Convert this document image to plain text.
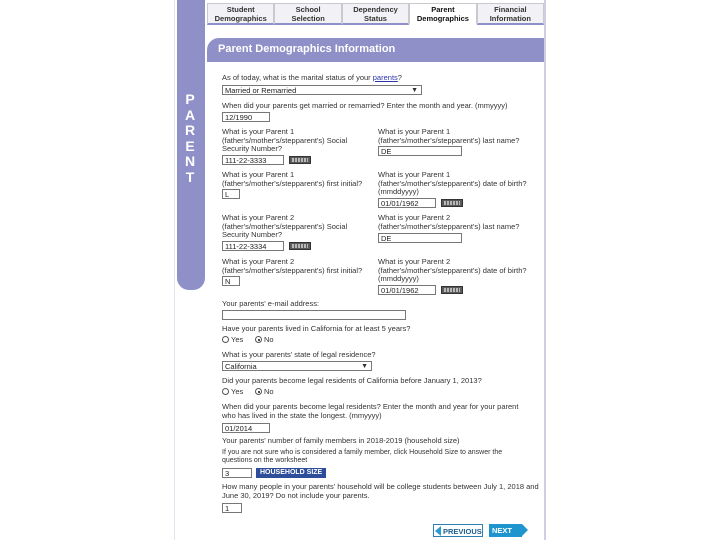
P
A
R
E
N
T
Student
Demographics
School
Selection
Dependency
Status
Parent
Demographics
Financial
Information
Parent Demographics Information
As of today, what is the marital status of your parents?
Married or Remarried	▼
When did your parents get married or remarried? Enter the month and year. (mmyyyy)
12/1990
What is your Parent 1 (father's/mother's/stepparent's) Social Security Number?
111-22-3333
What is your Parent 1 (father's/mother's/stepparent's) last name?
DE
What is your Parent 1 (father's/mother's/stepparent's) first initial?
L
What is your Parent 1 (father's/mother's/stepparent's) date of birth? (mmddyyyy)
01/01/1962
What is your Parent 2 (father's/mother's/stepparent's) Social Security Number?
111-22-3334
What is your Parent 2 (father's/mother's/stepparent's) last name?
DE
What is your Parent 2 (father's/mother's/stepparent's) first initial?
N
What is your Parent 2 (father's/mother's/stepparent's) date of birth? (mmddyyyy)
01/01/1962
Your parents' e-mail address:
Have your parents lived in California for at least 5 years?
Yes	No
What is your parents' state of legal residence?
California	▼
Did your parents become legal residents of California before January 1, 2013?
Yes	No
When did your parents become legal residents? Enter the month and year for your parent who has lived in the state the longest. (mmyyyy)
01/2014
Your parents' number of family members in 2018-2019 (household size)
If you are not sure who is considered a family member, click Household Size to answer the questions on the worksheet
3	HOUSEHOLD SIZE
How many people in your parents' household will be college students between July 1, 2018 and June 30, 2019? Do not include your parents.
1
PREVIOUS	NEXT
